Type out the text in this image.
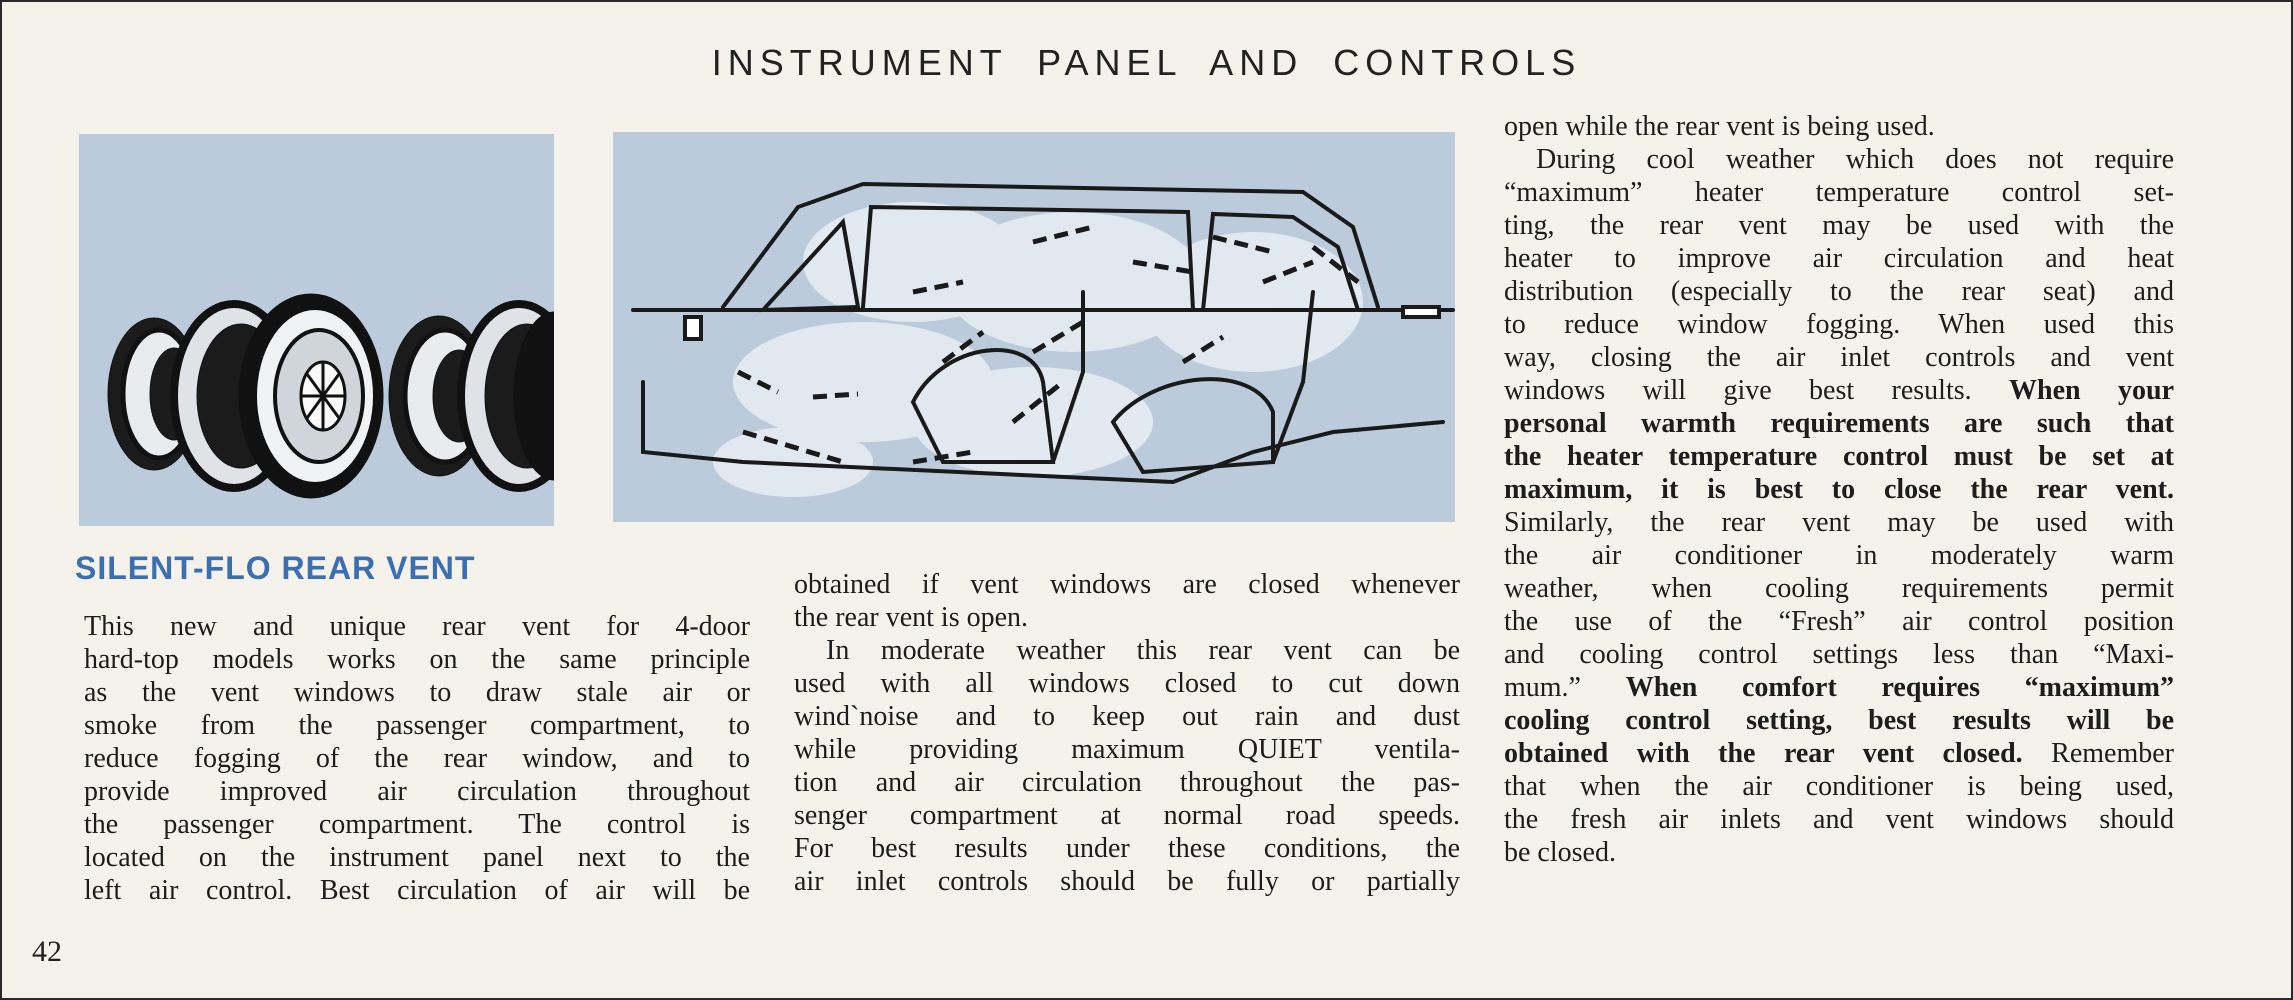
INSTRUMENT PANEL AND CONTROLS
SILENT-FLO REAR VENT
This new and unique rear vent for 4-door
hard-top models works on the same principle
as the vent windows to draw stale air or
smoke from the passenger compartment, to
reduce fogging of the rear window, and to
provide improved air circulation throughout
the passenger compartment. The control is
located on the instrument panel next to the
left air control. Best circulation of air will be
obtained if vent windows are closed whenever
the rear vent is open.
In moderate weather this rear vent can be
used with all windows closed to cut down
wind`noise and to keep out rain and dust
while providing maximum QUIET ventila-
tion and air circulation throughout the pas-
senger compartment at normal road speeds.
For best results under these conditions, the
air inlet controls should be fully or partially
open while the rear vent is being used.
During cool weather which does not require
“maximum” heater temperature control set-
ting, the rear vent may be used with the
heater to improve air circulation and heat
distribution (especially to the rear seat) and
to reduce window fogging. When used this
way, closing the air inlet controls and vent
windows will give best results. When your
personal warmth requirements are such that
the heater temperature control must be set at
maximum, it is best to close the rear vent.
Similarly, the rear vent may be used with
the air conditioner in moderately warm
weather, when cooling requirements permit
the use of the “Fresh” air control position
and cooling control settings less than “Maxi-
mum.” When comfort requires “maximum”
cooling control setting, best results will be
obtained with the rear vent closed. Remember
that when the air conditioner is being used,
the fresh air inlets and vent windows should
be closed.
42
